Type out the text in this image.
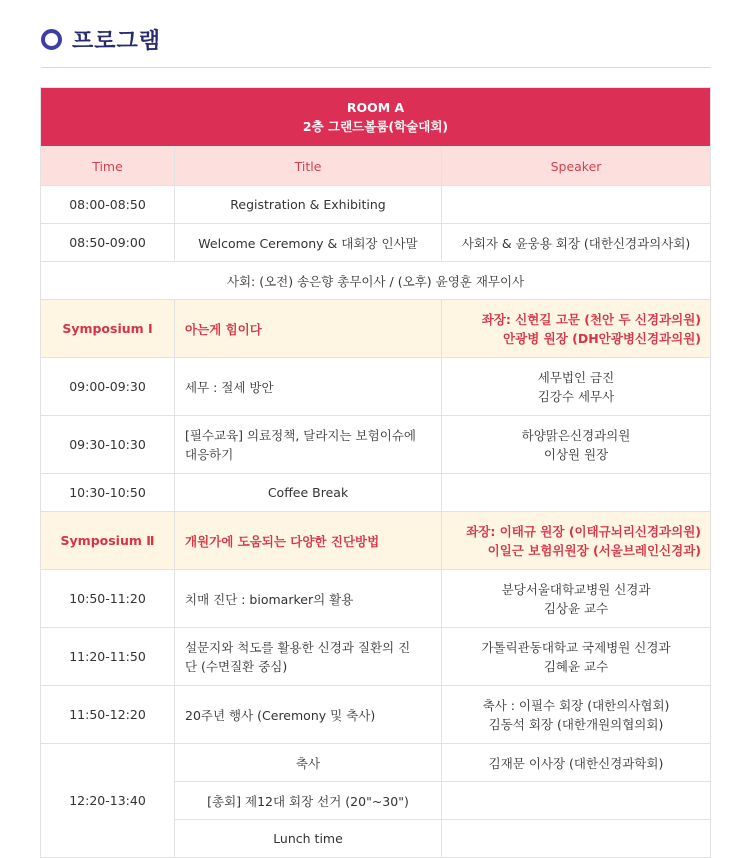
프로그램
ROOM A
2층 그랜드볼룸(학술대회)		

Time	Title	Speaker
08:00-08:50	Registration & Exhibiting	
08:50-09:00	Welcome Ceremony & 대회장 인사말	사회자 & 윤웅용 회장 (대한신경과의사회)
사회: (오전) 송은향 총무이사 / (오후) 윤영훈 재무이사		
Symposium Ⅰ	아는게 힘이다	좌장: 신현길 고문 (천안 두 신경과의원)
안광병 원장 (DH안광병신경과의원)

09:00-09:30	세무 : 절세 방안	세무법인 금진
김강수 세무사

09:30-10:30	[필수교육] 의료정책, 달라지는 보험이슈에
대응하기	하양맑은신경과의원
이상원 원장

10:30-10:50	Coffee Break	
Symposium Ⅱ	개원가에 도움되는 다양한 진단방법	좌장: 이태규 원장 (이태규뇌리신경과의원)
이일근 보험위원장 (서울브레인신경과)

10:50-11:20	치매 진단 : biomarker의 활용	분당서울대학교병원 신경과
김상윤 교수

11:20-11:50	설문지와 척도를 활용한 신경과 질환의 진
단 (수면질환 중심)	가톨릭관동대학교 국제병원 신경과
김혜윤 교수

11:50-12:20	20주년 행사 (Ceremony 및 축사)	축사 : 이필수 회장 (대한의사협회)
김동석 회장 (대한개원의협의회)

12:20-13:40	축사	김재문 이사장 (대한신경과학회)
	[총회] 제12대 회장 선거 (20"~30")	
	Lunch time	
